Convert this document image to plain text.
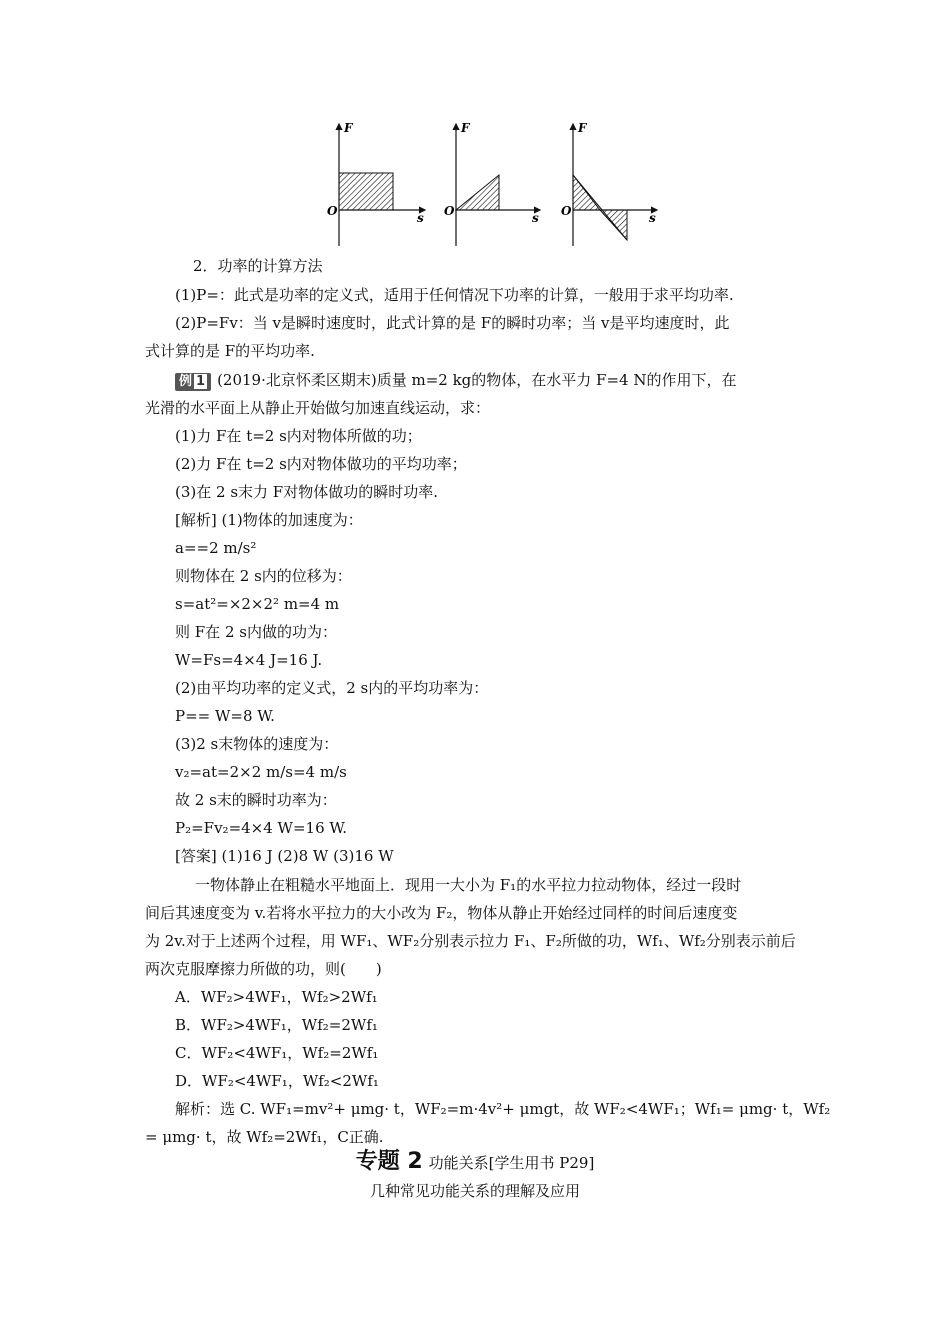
F
O	s
F
O	s
F
O	s
2．功率的计算方法
(1)P=：此式是功率的定义式，适用于任何情况下功率的计算，一般用于求平均功率.
(2)P=Fv：当 v是瞬时速度时，此式计算的是 F的瞬时功率；当 v是平均速度时，此
式计算的是 F的平均功率.
例 1 (2019·北京怀柔区期末)质量 m=2 kg的物体，在水平力 F=4 N的作用下，在
光滑的水平面上从静止开始做匀加速直线运动，求：
(1)力 F在 t=2 s内对物体所做的功；
(2)力 F在 t=2 s内对物体做功的平均功率；
(3)在 2 s末力 F对物体做功的瞬时功率.
[解析] (1)物体的加速度为：
a==2 m/s²
则物体在 2 s内的位移为：
s=at²=×2×2² m=4 m
则 F在 2 s内做的功为：
W=Fs=4×4 J=16 J.
(2)由平均功率的定义式，2 s内的平均功率为：
P== W=8 W.
(3)2 s末物体的速度为：
v₂=at=2×2 m/s=4 m/s
故 2 s末的瞬时功率为：
P₂=Fv₂=4×4 W=16 W.
[答案] (1)16 J (2)8 W (3)16 W
一物体静止在粗糙水平地面上．现用一大小为 F₁的水平拉力拉动物体，经过一段时
间后其速度变为 v.若将水平拉力的大小改为 F₂，物体从静止开始经过同样的时间后速度变
为 2v.对于上述两个过程，用 WF₁、WF₂分别表示拉力 F₁、F₂所做的功，Wf₁、Wf₂分别表示前后
两次克服摩擦力所做的功，则(　　)
A．WF₂>4WF₁，Wf₂>2Wf₁
B．WF₂>4WF₁，Wf₂=2Wf₁
C．WF₂<4WF₁，Wf₂=2Wf₁
D．WF₂<4WF₁，Wf₂<2Wf₁
解析：选 C. WF₁=mv²+ μmg· t，WF₂=m·4v²+ μmgt，故 WF₂<4WF₁；Wf₁= μmg· t，Wf₂
= μmg· t，故 Wf₂=2Wf₁，C正确.
专题 2 功能关系[学生用书 P29]
几种常见功能关系的理解及应用
